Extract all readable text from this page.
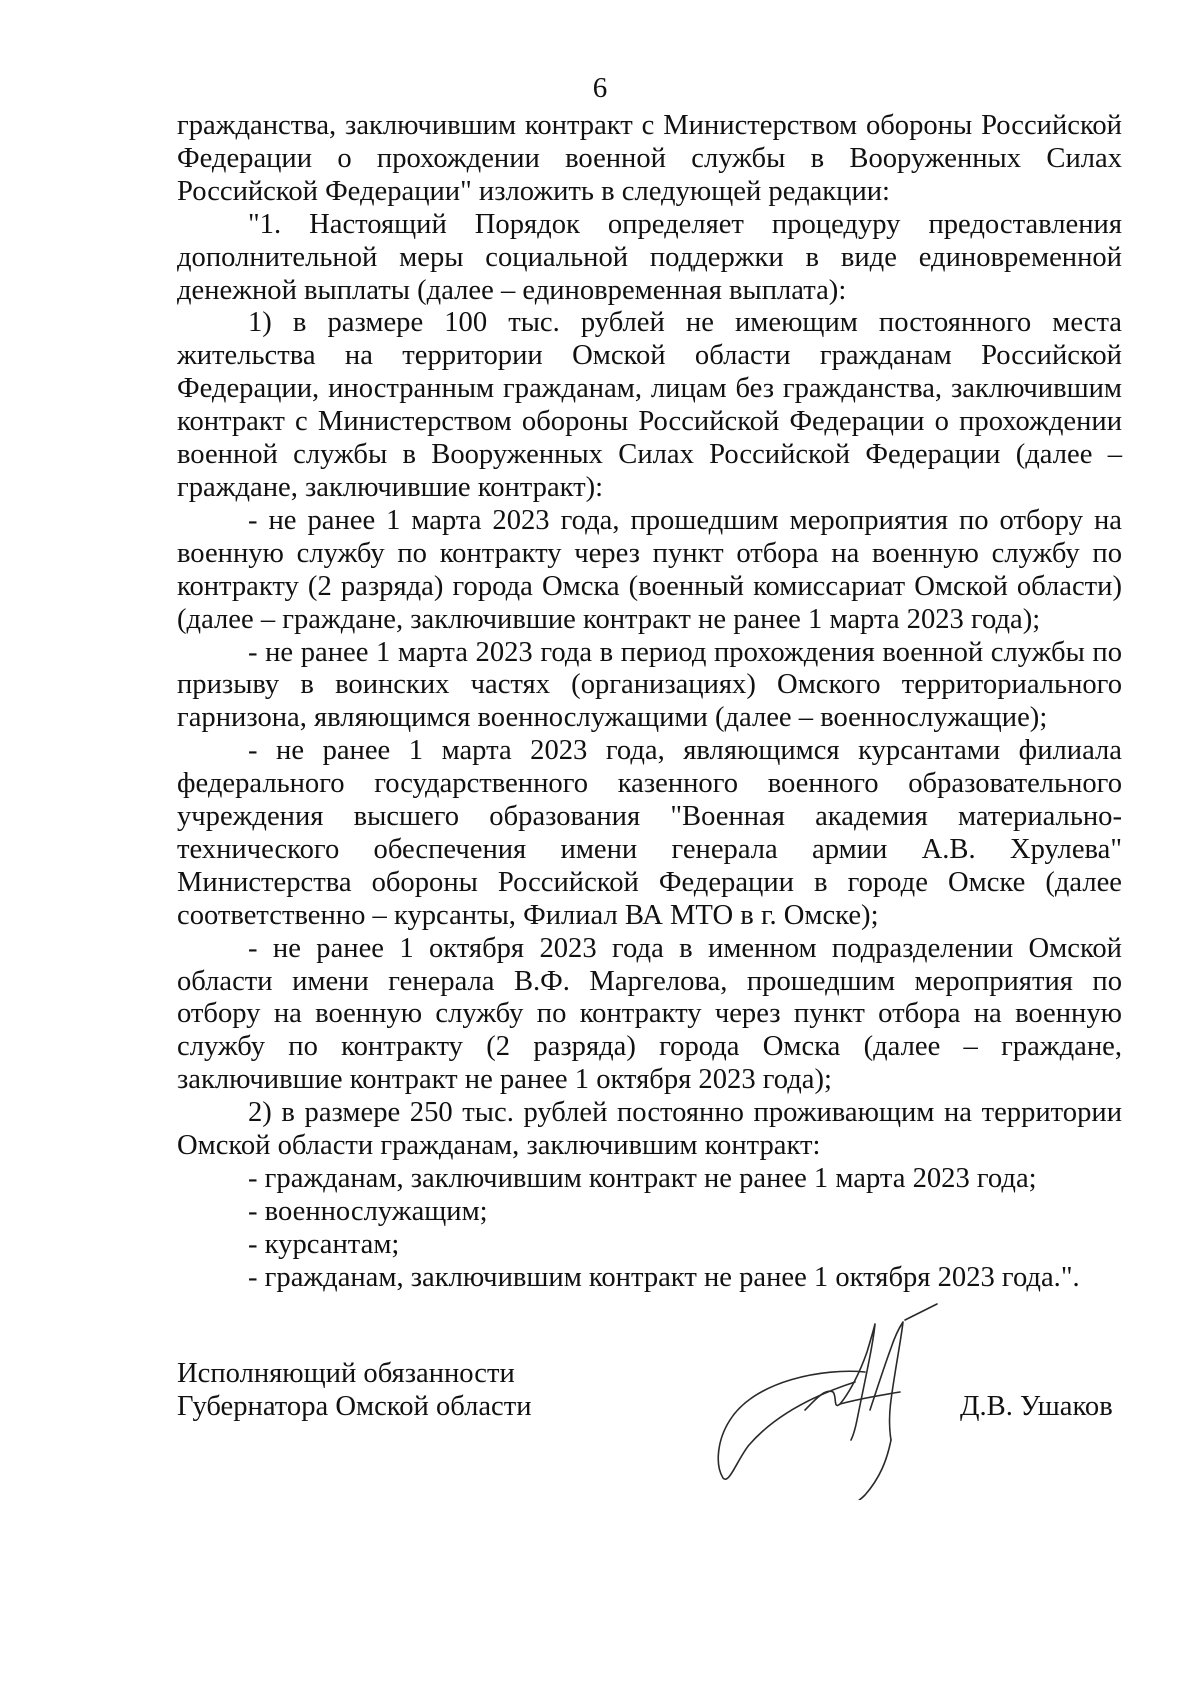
6

гражданства, заключившим контракт с Министерством обороны Российской Федерации о прохождении военной службы в Вооруженных Силах Российской Федерации" изложить в следующей редакции:

"1. Настоящий Порядок определяет процедуру предоставления дополнительной меры социальной поддержки в виде единовременной денежной выплаты (далее – единовременная выплата):

1) в размере 100 тыс. рублей не имеющим постоянного места жительства на территории Омской области гражданам Российской Федерации, иностранным гражданам, лицам без гражданства, заключившим контракт с Министерством обороны Российской Федерации о прохождении военной службы в Вооруженных Силах Российской Федерации (далее – граждане, заключившие контракт):

- не ранее 1 марта 2023 года, прошедшим мероприятия по отбору на военную службу по контракту через пункт отбора на военную службу по контракту (2 разряда) города Омска (военный комиссариат Омской области) (далее – граждане, заключившие контракт не ранее 1 марта 2023 года);

- не ранее 1 марта 2023 года в период прохождения военной службы по призыву в воинских частях (организациях) Омского территориального гарнизона, являющимся военнослужащими (далее – военнослужащие);

- не ранее 1 марта 2023 года, являющимся курсантами филиала федерального государственного казенного военного образовательного учреждения высшего образования "Военная академия материально-технического обеспечения имени генерала армии А.В. Хрулева" Министерства обороны Российской Федерации в городе Омске (далее соответственно – курсанты, Филиал ВА МТО в г. Омске);

- не ранее 1 октября 2023 года в именном подразделении Омской области имени генерала В.Ф. Маргелова, прошедшим мероприятия по отбору на военную службу по контракту через пункт отбора на военную службу по контракту (2 разряда) города Омска (далее – граждане, заключившие контракт не ранее 1 октября 2023 года);

2) в размере 250 тыс. рублей постоянно проживающим на территории Омской области гражданам, заключившим контракт:

- гражданам, заключившим контракт не ранее 1 марта 2023 года;

- военнослужащим;

- курсантам;

- гражданам, заключившим контракт не ранее 1 октября 2023 года.".

Исполняющий обязанности
Губернатора Омской области	Д.В. Ушаков
